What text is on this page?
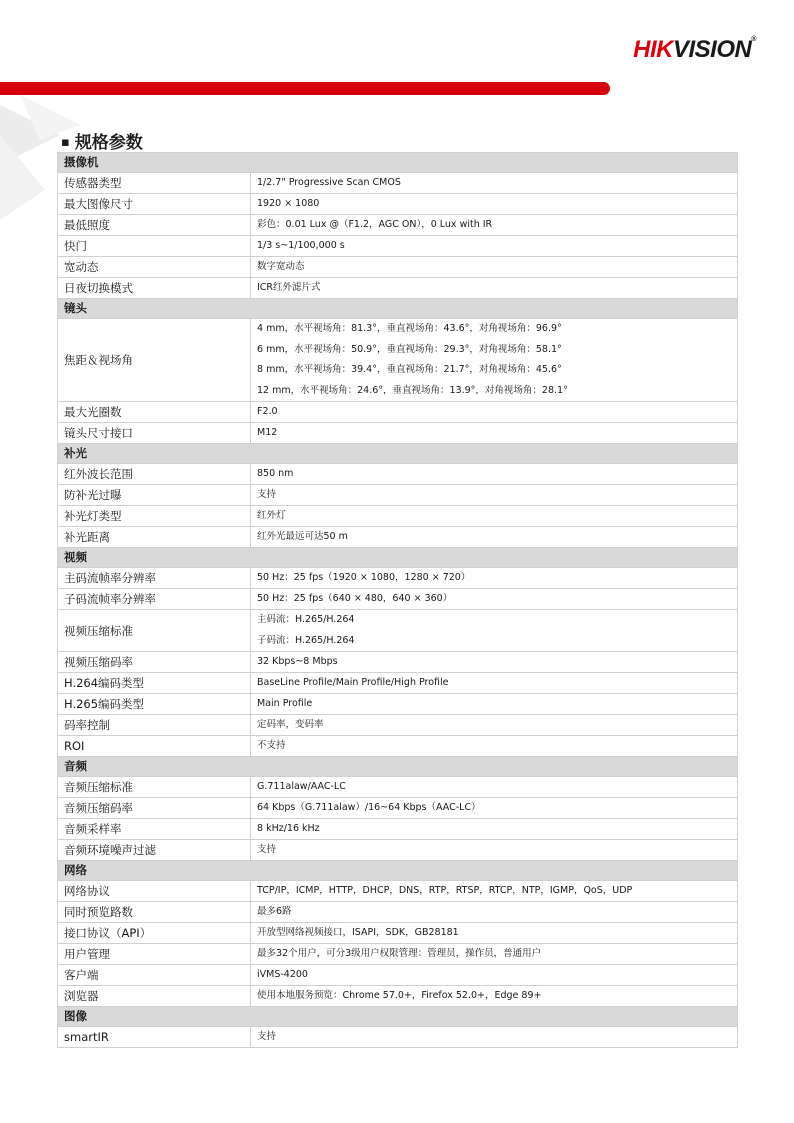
HIKVISION®
▪ 规格参数
摄像机	
传感器类型	1/2.7" Progressive Scan CMOS
最大图像尺寸	1920 × 1080
最低照度	彩色：0.01 Lux @（F1.2，AGC ON），0 Lux with IR
快门	1/3 s~1/100,000 s
宽动态	数字宽动态
日夜切换模式	ICR红外滤片式
镜头	
焦距＆视场角	4 mm，水平视场角：81.3°，垂直视场角：43.6°，对角视场角：96.9°
6 mm，水平视场角：50.9°，垂直视场角：29.3°，对角视场角：58.1°
8 mm，水平视场角：39.4°，垂直视场角：21.7°，对角视场角：45.6°
12 mm，水平视场角：24.6°，垂直视场角：13.9°，对角视场角：28.1°

最大光圈数	F2.0
镜头尺寸接口	M12
补光	
红外波长范围	850 nm
防补光过曝	支持
补光灯类型	红外灯
补光距离	红外光最远可达50 m
视频	
主码流帧率分辨率	50 Hz：25 fps（1920 × 1080，1280 × 720）
子码流帧率分辨率	50 Hz：25 fps（640 × 480，640 × 360）
视频压缩标准	主码流：H.265/H.264
子码流：H.265/H.264

视频压缩码率	32 Kbps~8 Mbps
H.264编码类型	BaseLine Profile/Main Profile/High Profile
H.265编码类型	Main Profile
码率控制	定码率，变码率
ROI	不支持
音频	
音频压缩标准	G.711alaw/AAC-LC
音频压缩码率	64 Kbps（G.711alaw）/16~64 Kbps（AAC-LC）
音频采样率	8 kHz/16 kHz
音频环境噪声过滤	支持
网络	
网络协议	TCP/IP，ICMP，HTTP，DHCP，DNS，RTP，RTSP，RTCP，NTP，IGMP，QoS，UDP
同时预览路数	最多6路
接口协议（API）	开放型网络视频接口，ISAPI，SDK，GB28181
用户管理	最多32个用户，可分3级用户权限管理：管理员，操作员，普通用户
客户端	iVMS-4200
浏览器	使用本地服务预览：Chrome 57.0+，Firefox 52.0+，Edge 89+
图像	
smartIR	支持
